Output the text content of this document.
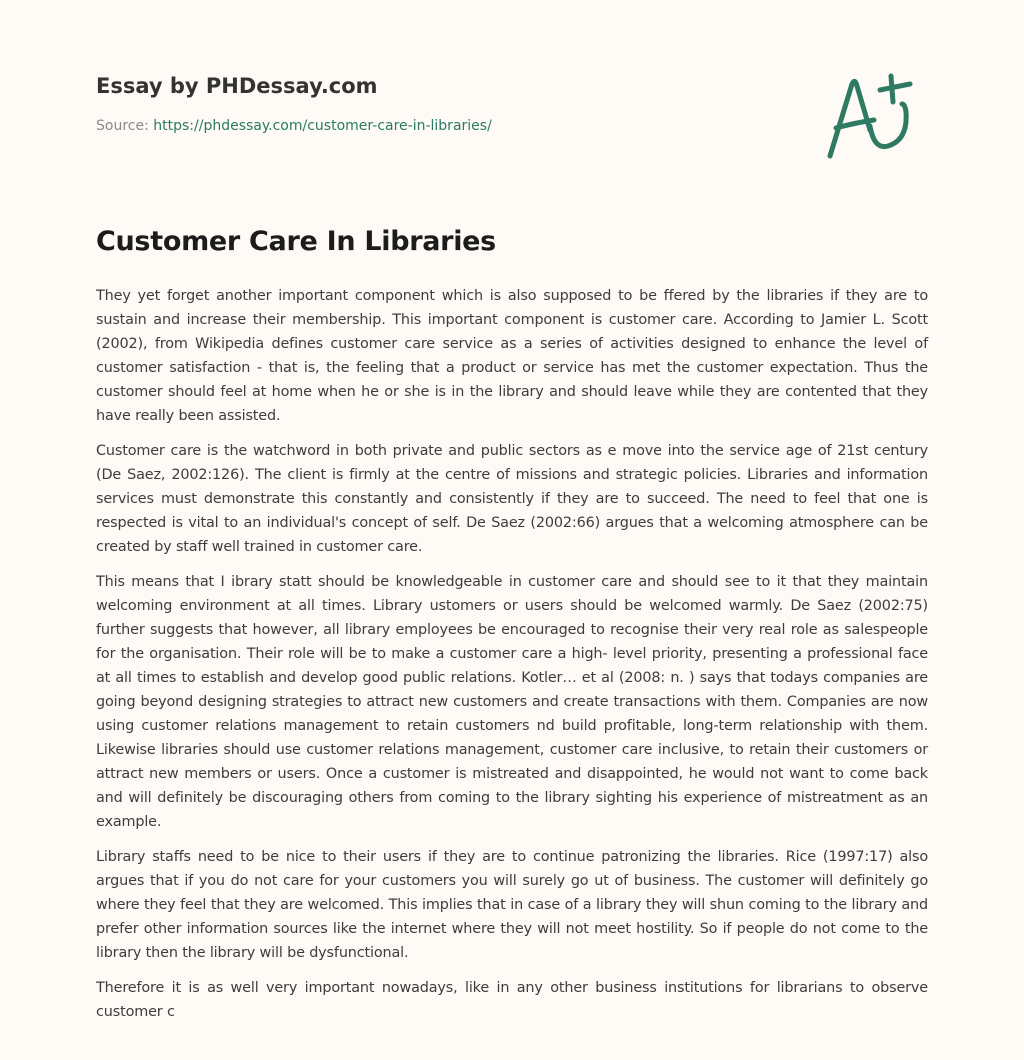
Essay by PHDessay.com
Source: https://phdessay.com/customer-care-in-libraries/
Customer Care In Libraries

They yet forget another important component which is also supposed to be ffered by the libraries if they are to sustain and increase their membership. This important component is customer care. According to Jamier L. Scott (2002), from Wikipedia defines customer care service as a series of activities designed to enhance the level of customer satisfaction - that is, the feeling that a product or service has met the customer expectation. Thus the customer should feel at home when he or she is in the library and should leave while they are contented that they have really been assisted.

Customer care is the watchword in both private and public sectors as e move into the service age of 21st century (De Saez, 2002:126). The client is firmly at the centre of missions and strategic policies. Libraries and information services must demonstrate this constantly and consistently if they are to succeed. The need to feel that one is respected is vital to an individual's concept of self. De Saez (2002:66) argues that a welcoming atmosphere can be created by staff well trained in customer care.

This means that I ibrary statt should be knowledgeable in customer care and should see to it that they maintain welcoming environment at all times. Library ustomers or users should be welcomed warmly. De Saez (2002:75) further suggests that however, all library employees be encouraged to recognise their very real role as salespeople for the organisation. Their role will be to make a customer care a high- level priority, presenting a professional face at all times to establish and develop good public relations. Kotler… et al (2008: n. ) says that todays companies are going beyond designing strategies to attract new customers and create transactions with them. Companies are now using customer relations management to retain customers nd build profitable, long-term relationship with them. Likewise libraries should use customer relations management, customer care inclusive, to retain their customers or attract new members or users. Once a customer is mistreated and disappointed, he would not want to come back and will definitely be discouraging others from coming to the library sighting his experience of mistreatment as an example.

Library staffs need to be nice to their users if they are to continue patronizing the libraries. Rice (1997:17) also argues that if you do not care for your customers you will surely go ut of business. The customer will definitely go where they feel that they are welcomed. This implies that in case of a library they will shun coming to the library and prefer other information sources like the internet where they will not meet hostility. So if people do not come to the library then the library will be dysfunctional.

Therefore it is as well very important nowadays, like in any other business institutions for librarians to observe customer c
